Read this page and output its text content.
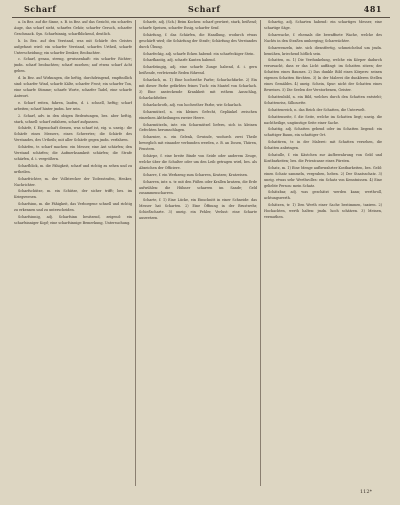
Scharf	Scharf	481

a. In Bez. auf die Sinne, z. B. in Bez. auf das Gesicht, ein scharfes Auge, das scharf sieht, scharfes Gehör, scharfer Geruch, scharfer Geschmack. Syn. Scharfsinnig, scharfblickend, deutlich.

b. In Bez. auf den Verstand, was mit Schärfe des Geistes aufgefasst wird: ein scharfer Verstand, scharfes Urtheil, scharfe Unterscheidung; ein scharfer Denker, Beobachter.

c. Scharf, genau, streng, gewissenhaft: ein scharfer Richter; jmdn. scharf beobachten; scharf zusehen; auf etwas scharf Acht geben.

d. In Bez. auf Wirkungen, die heftig, durchdringend, empfindlich sind: scharfer Wind, scharfe Kälte, scharfer Frost; ein scharfer Ton, eine scharfe Stimme; scharfe Worte, scharfer Tadel, eine scharfe Antwort.

e. Scharf reiten, fahren, laufen, d. i. schnell, heftig; scharf arbeiten; scharf hinter jmdm. her sein.

2. Scharf, adv. in den obigen Bedeutungen, bes. aber heftig, stark, schnell: scharf zufahren, scharf aufpassen.

Schärfe, f. Eigenschaft dessen, was scharf ist, eig. u. uneig.: die Schärfe eines Messers, eines Schwertes; die Schärfe des Verstandes, des Urtheils; mit aller Schärfe gegen jmdn. verfahren.

Schärfen, tr. scharf machen: ein Messer, eine Axt schärfen; den Verstand schärfen; die Aufmerksamkeit schärfen; die Strafe schärfen, d. i. vergrößern.

Scharfblick, m. die Fähigkeit, scharf und richtig zu sehen und zu urtheilen.

Scharfrichter, m. der Vollstrecker der Todesstrafen, Henker, Nachrichter.

Scharfschütze, m. ein Schütze, der sicher trifft; bes. im Kriegswesen.

Scharfsinn, m. die Fähigkeit, das Verborgene schnell und richtig zu erkennen und zu unterscheiden.

Scharfsinnig, adj. Scharfsinn besitzend, zeigend: ein scharfsinniger Kopf; eine scharfsinnige Bemerkung, Untersuchung.

Scharfe, adj. (Sch.) Beim Kochen: scharf gewürzt, stark, beißend; scharfe Speisen, scharfer Essig, scharfer Senf.

Schärfung, f. das Schärfen, die Handlung, wodurch etwas geschärft wird; die Schärfung der Strafe; Schärfung des Verstandes durch Übung.

Scharfeckig, adj. scharfe Ecken habend: ein scharfeckiger Stein.

Scharfkantig, adj. scharfe Kanten habend.

Scharfzüngig, adj. eine scharfe Zunge habend, d. i. gern beißende, verletzende Reden führend.

Scharlach, m. 1) Eine hochrothe Farbe; Scharlachfarbe. 2) Ein mit dieser Farbe gefärbtes feines Tuch: ein Mantel von Scharlach. 3) Eine ansteckende Krankheit mit rothem Ausschlag, Scharlachfieber.

Scharlachroth, adj. von hochrother Farbe, wie Scharlach.

Scharmützel, n. ein kleines Gefecht, Geplänkel zwischen einzelnen Abtheilungen zweier Heere.

Scharmützeln, intr. ein Scharmützel liefern, sich in kleinen Gefechten herumschlagen.

Scharnier, n. ein Gelenk, Gewinde, wodurch zwei Theile beweglich mit einander verbunden werden, z. B. an Dosen, Thüren, Fenstern.

Schärpe, f. eine breite Binde von Seide oder anderem Zeuge, welche über die Schulter oder um den Leib getragen wird, bes. als Abzeichen der Officiere.

Scharre, f. ein Werkzeug zum Scharren, Kratzen; Kratzeisen.

Scharren, intr. u. tr. mit den Füßen oder Krallen kratzen, die Erde aufwühlen: die Hühner scharren im Sande; Geld zusammenscharren.

Scharte, f. 1) Eine Lücke, ein Einschnitt in einer Schneide: das Messer hat Scharten. 2) Eine Öffnung in der Brustwehr, Schießscharte. 3) uneig. ein Fehler, Verlust: eine Scharte auswetzen.

Schartig, adj. Scharten habend: ein schartiges Messer, eine schartige Säge.

Scharwache, f. ehemals die bewaffnete Wache, welche des Nachts in den Straßen umherging; Scharwächter.

Scharwenzeln, intr. sich dienstfertig, schmeichelnd um jmdn. bemühen, kriechend höflich sein.

Schatten, m. 1) Die Verdunkelung, welche ein Körper dadurch verursacht, dass er das Licht auffängt: im Schatten sitzen; der Schatten eines Baumes. 2) Das dunkle Bild eines Körpers: seinen eigenen Schatten fürchten. 3) In der Malerei die dunkleren Stellen eines Gemäldes. 4) uneig. Schein, Spur: nicht der Schatten eines Beweises. 5) Die Seelen der Verstorbenen, Geister.

Schattenbild, n. ein Bild, welches durch den Schatten entsteht; Schattenriss, Silhouette.

Schattenreich, n. das Reich der Schatten, die Unterwelt.

Schattenseite, f. die Seite, welche im Schatten liegt; uneig. die nachtheilige, ungünstige Seite einer Sache.

Schattig, adj. Schatten gebend oder im Schatten liegend: ein schattiger Baum, ein schattiger Ort.

Schattiren, tr. in der Malerei: mit Schatten versehen, die Schatten anbringen.

Schatulle, f. ein Kästchen zur Aufbewahrung von Geld und Kostbarkeiten; bes. die Privatcasse eines Fürsten.

Schatz, m. 1) Eine Menge aufbewahrter Kostbarkeiten, bes. Geld: einen Schatz sammeln, vergraben, heben. 2) Der Staatsschatz. 3) uneig. etwas sehr Werthvolles: ein Schatz von Kenntnissen. 4) Eine geliebte Person: mein Schatz.

Schätzbar, adj. was geschätzt werden kann; werthvoll, achtungswerth.

Schätzen, tr. 1) Den Werth einer Sache bestimmen, taxiren. 2) Hochachten, werth halten: jmdn. hoch schätzen. 3) Meinen, vermuthen.

112*
